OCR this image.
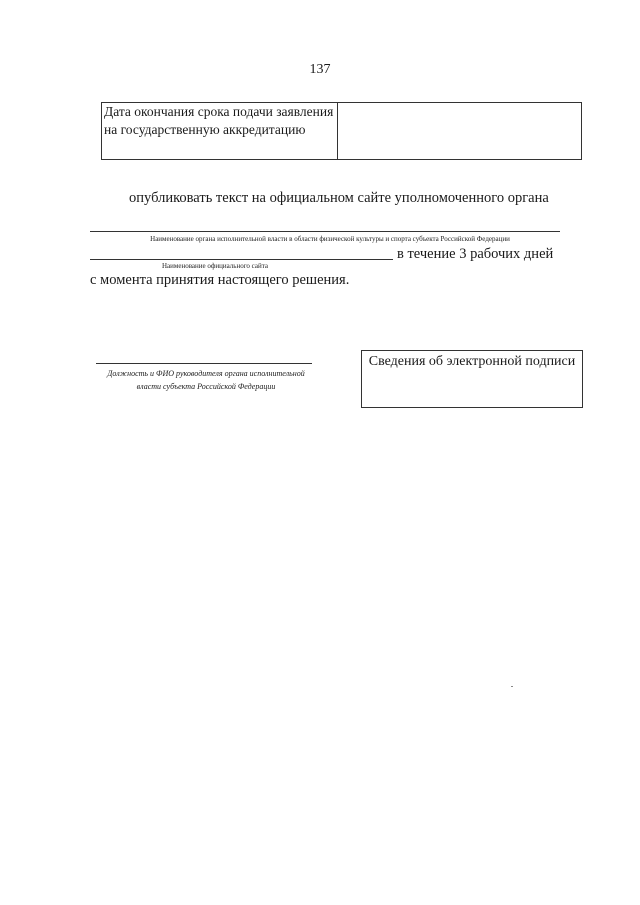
137
Дата окончания срока подачи заявления на государственную аккредитацию
опубликовать текст на официальном сайте уполномоченного органа
Наименование органа исполнительной власти в области физической культуры и спорта субъекта Российской Федерации
в течение 3 рабочих дней
Наименование официального сайта
с момента принятия настоящего решения.
Должность и ФИО руководителя органа исполнительной власти субъекта Российской Федерации
Сведения об электронной подписи
